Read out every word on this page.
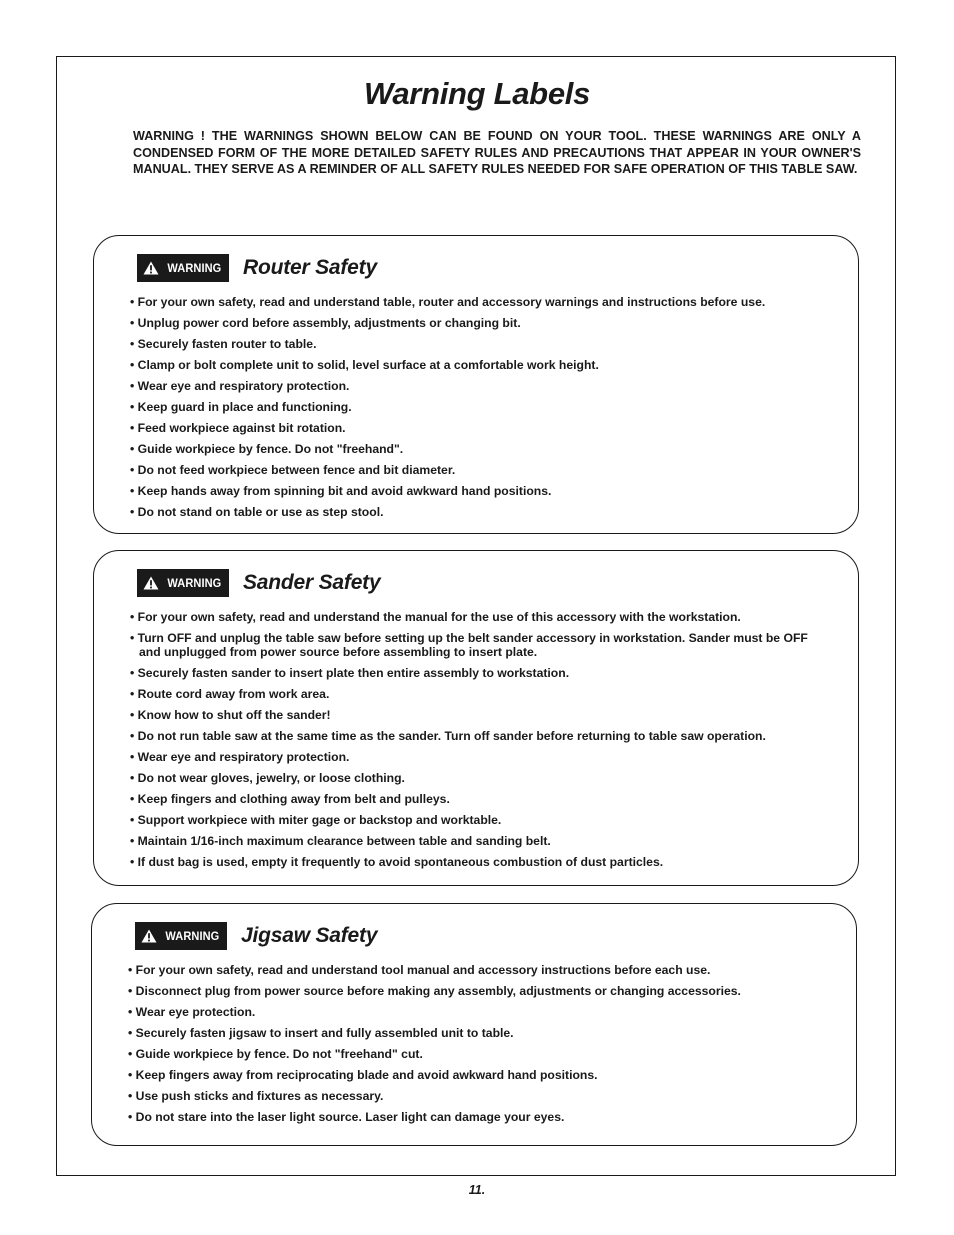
Warning Labels

WARNING ! THE WARNINGS SHOWN BELOW CAN BE FOUND ON YOUR TOOL. THESE WARNINGS ARE ONLY A CONDENSED FORM OF THE MORE DETAILED SAFETY RULES AND PRECAUTIONS THAT APPEAR IN YOUR OWNER'S MANUAL. THEY SERVE AS A REMINDER OF ALL SAFETY RULES NEEDED FOR SAFE OPERATION OF THIS TABLE SAW.

WARNING Router Safety
• For your own safety, read and understand table, router and accessory warnings and instructions before use.
• Unplug power cord before assembly, adjustments or changing bit.
• Securely fasten router to table.
• Clamp or bolt complete unit to solid, level surface at a comfortable work height.
• Wear eye and respiratory protection.
• Keep guard in place and functioning.
• Feed workpiece against bit rotation.
• Guide workpiece by fence. Do not "freehand".
• Do not feed workpiece between fence and bit diameter.
• Keep hands away from spinning bit and avoid awkward hand positions.
• Do not stand on table or use as step stool.
WARNING Sander Safety
• For your own safety, read and understand the manual for the use of this accessory with the workstation.
• Turn OFF and unplug the table saw before setting up the belt sander accessory in workstation. Sander must be OFF and unplugged from power source before assembling to insert plate.
• Securely fasten sander to insert plate then entire assembly to workstation.
• Route cord away from work area.
• Know how to shut off the sander!
• Do not run table saw at the same time as the sander. Turn off sander before returning to table saw operation.
• Wear eye and respiratory protection.
• Do not wear gloves, jewelry, or loose clothing.
• Keep fingers and clothing away from belt and pulleys.
• Support workpiece with miter gage or backstop and worktable.
• Maintain 1/16-inch maximum clearance between table and sanding belt.
• If dust bag is used, empty it frequently to avoid spontaneous combustion of dust particles.
WARNING Jigsaw Safety
• For your own safety, read and understand tool manual and accessory instructions before each use.
• Disconnect plug from power source before making any assembly, adjustments or changing accessories.
• Wear eye protection.
• Securely fasten jigsaw to insert and fully assembled unit to table.
• Guide workpiece by fence. Do not "freehand" cut.
• Keep fingers away from reciprocating blade and avoid awkward hand positions.
• Use push sticks and fixtures as necessary.
• Do not stare into the laser light source. Laser light can damage your eyes.
11.
